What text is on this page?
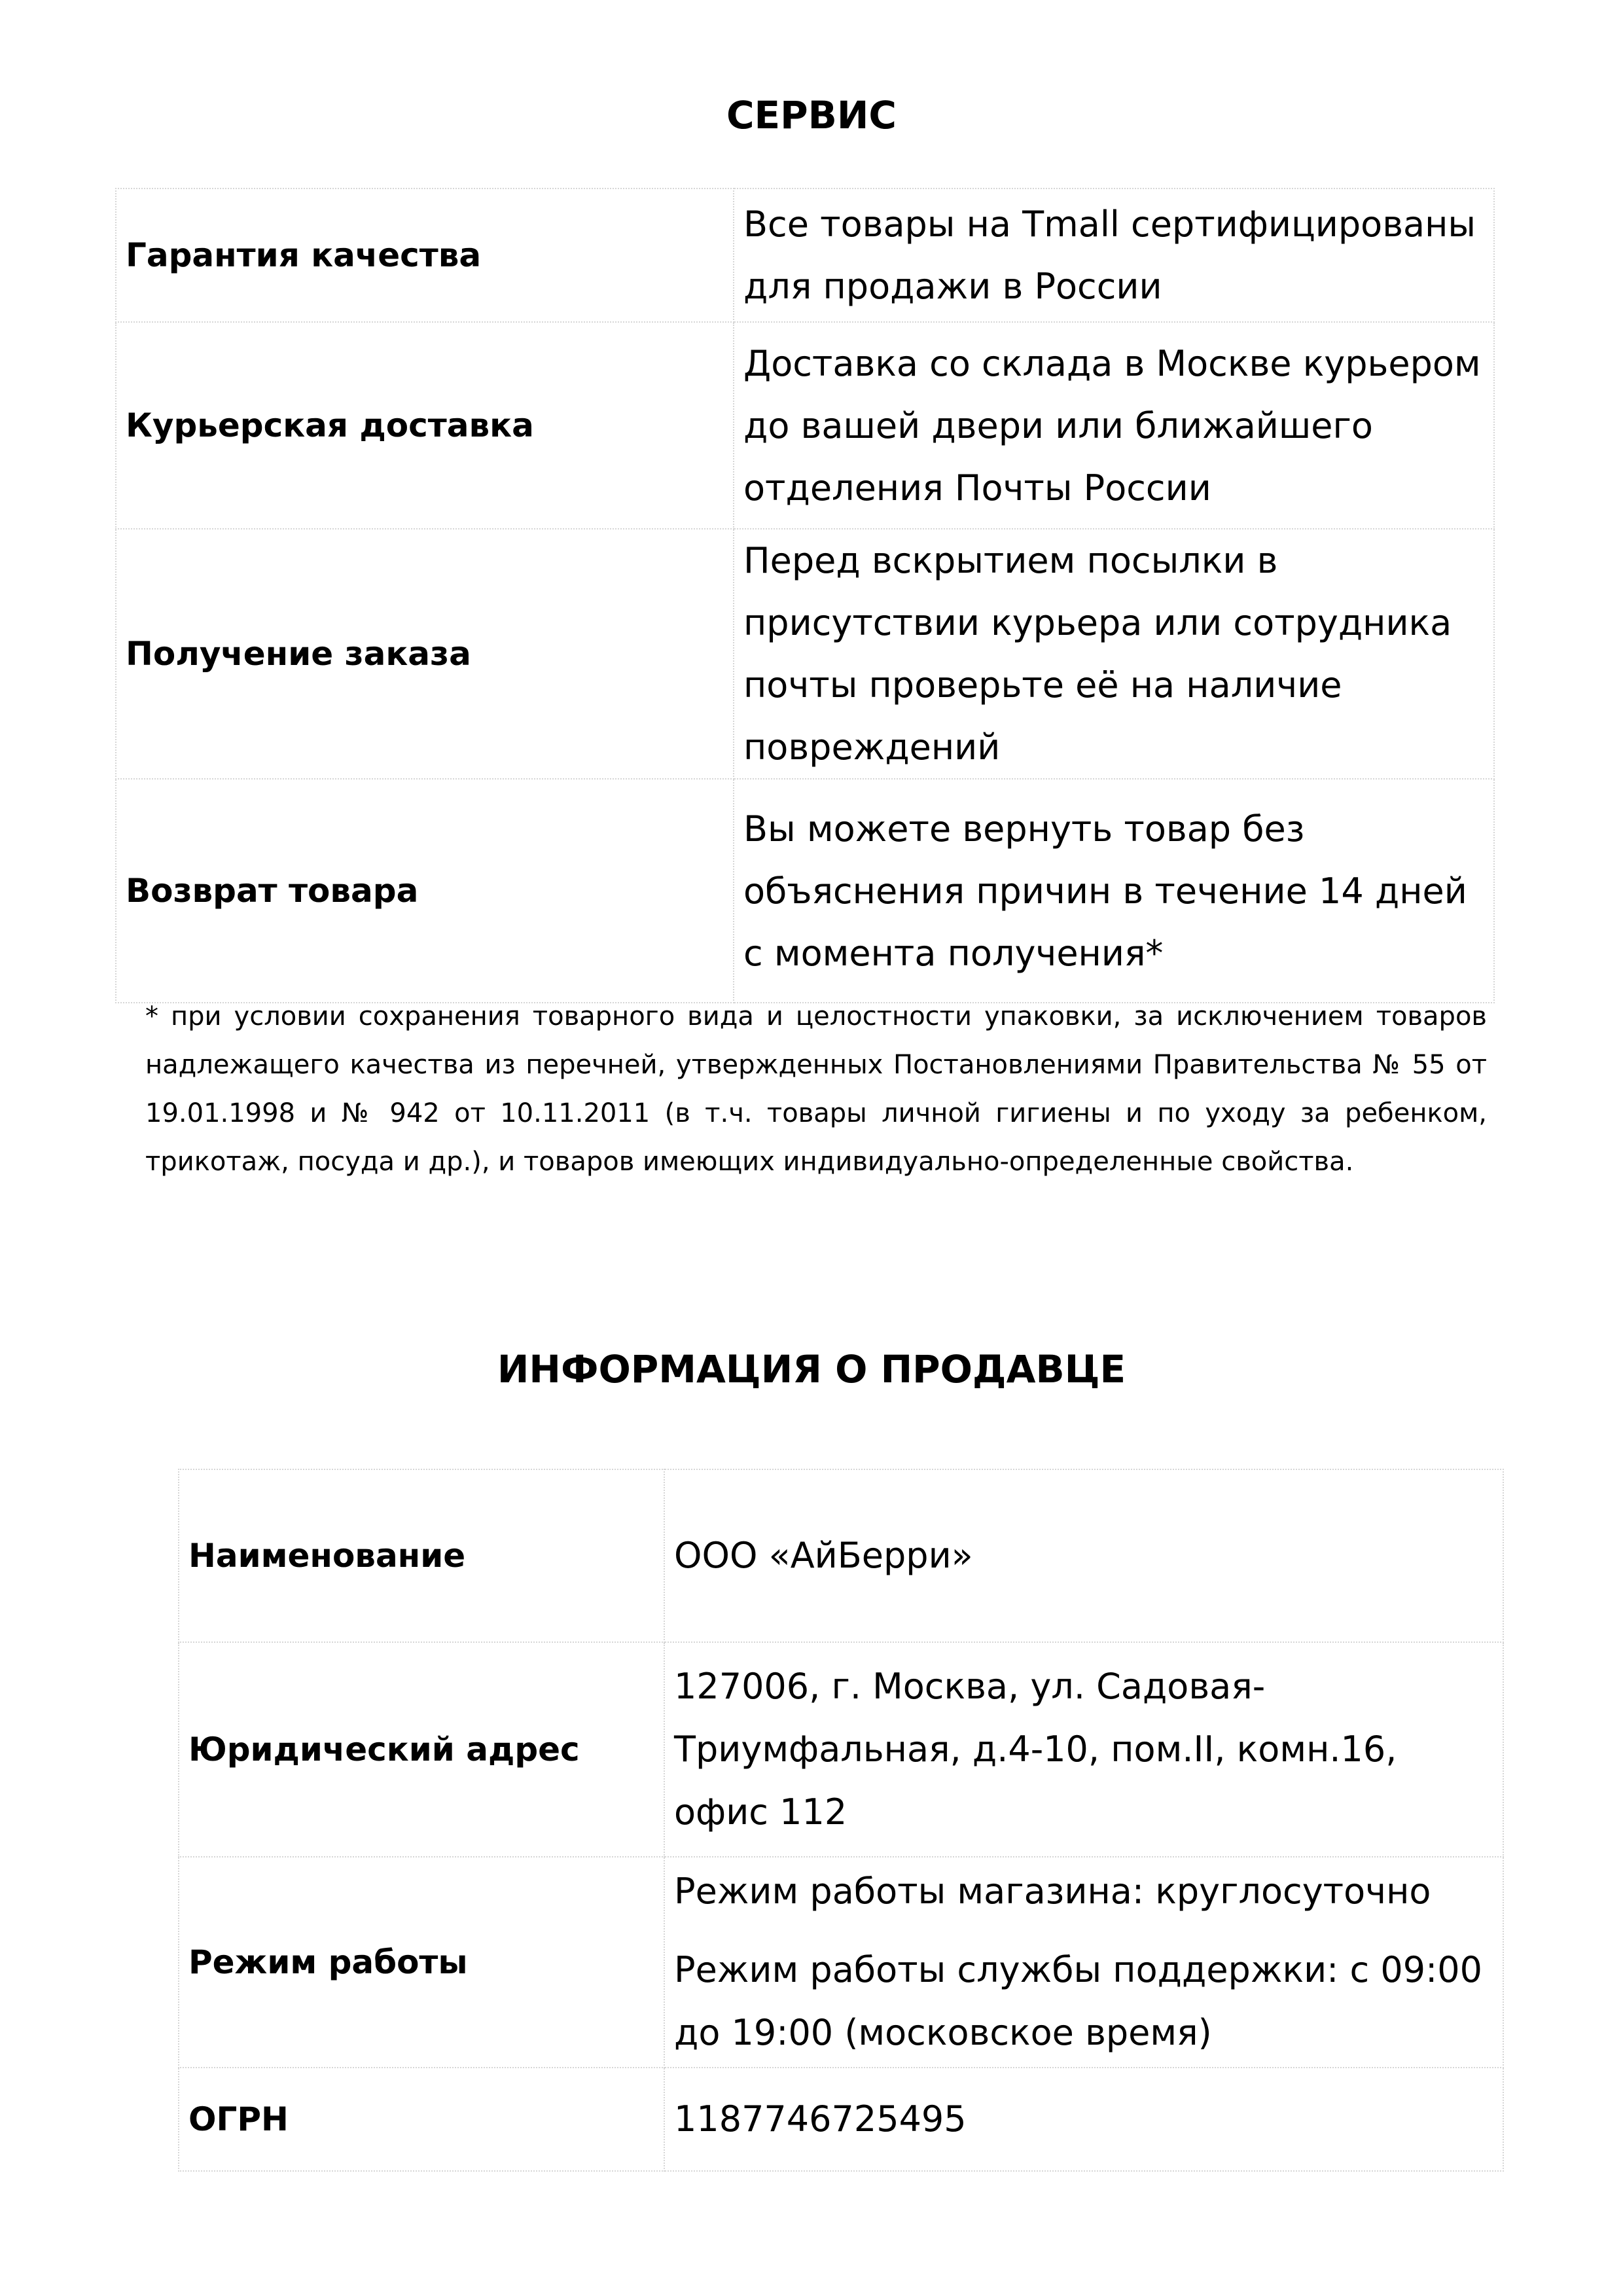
СЕРВИС
Гарантия качества	Все товары на Tmall сертифицированы для продажи в России

Курьерская доставка	Доставка со склада в Москве курьером до вашей двери или ближайшего отделения Почты России

Получение заказа	Перед вскрытием посылки в присутствии курьера или сотрудника почты проверьте её на наличие повреждений

Возврат товара	Вы можете вернуть товар без объяснения причин в течение 14 дней с момента получения*

* при условии сохранения товарного вида и целостности упаковки, за исключением товаров надлежащего качества из перечней, утвержденных Постановлениями Правительства № 55 от 19.01.1998 и № 942 от 10.11.2011 (в т.ч. товары личной гигиены и по уходу за ребенком, трикотаж, посуда и др.), и товаров имеющих индивидуально-определенные свойства.

ИНФОРМАЦИЯ О ПРОДАВЦЕ
Наименование	ООО «АйБерри»

Юридический адрес	127006, г. Москва, ул. Садовая-Триумфальная, д.4-10, пом.II, комн.16, офис 112

Режим работы	Режим работы магазина: круглосуточно
Режим работы службы поддержки: с 09:00 до 19:00 (московское время)

ОГРН	1187746725495
